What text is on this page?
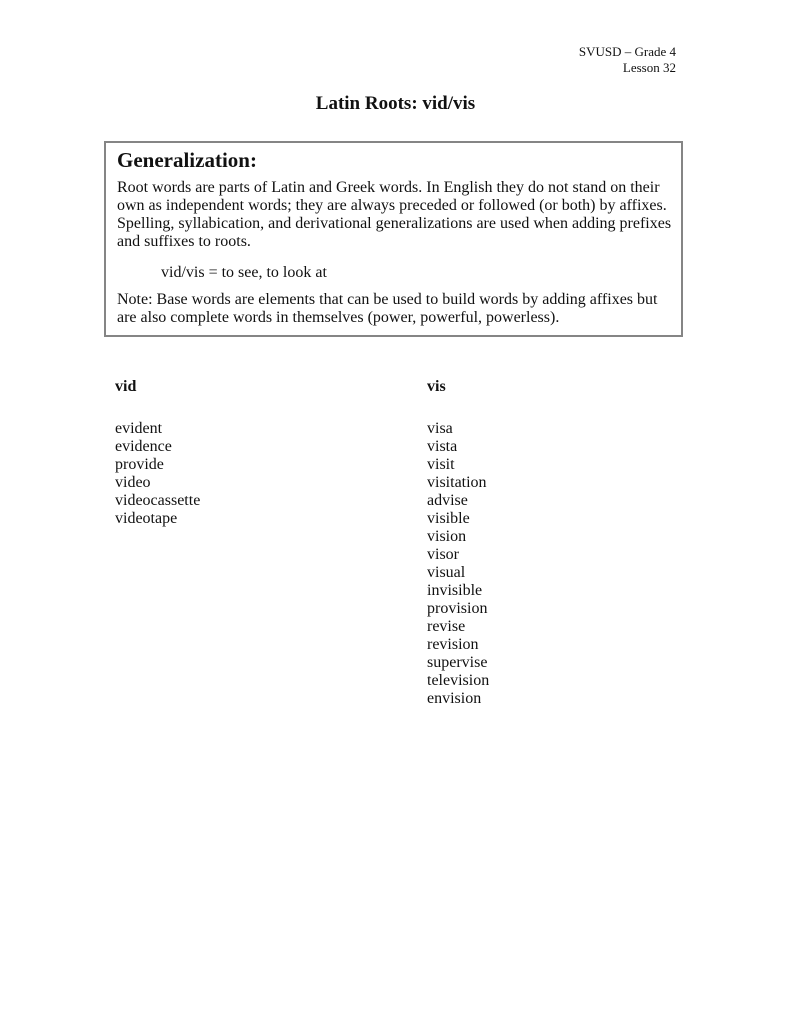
SVUSD – Grade 4
Lesson 32
Latin Roots: vid/vis
Generalization:
Root words are parts of Latin and Greek words. In English they do not stand on their own as independent words; they are always preceded or followed (or both) by affixes. Spelling, syllabication, and derivational generalizations are used when adding prefixes and suffixes to roots.
vid/vis = to see, to look at
Note: Base words are elements that can be used to build words by adding affixes but are also complete words in themselves (power, powerful, powerless).
vid
evident
evidence
provide
video
videocassette
videotape
vis
visa
vista
visit
visitation
advise
visible
vision
visor
visual
invisible
provision
revise
revision
supervise
television
envision
